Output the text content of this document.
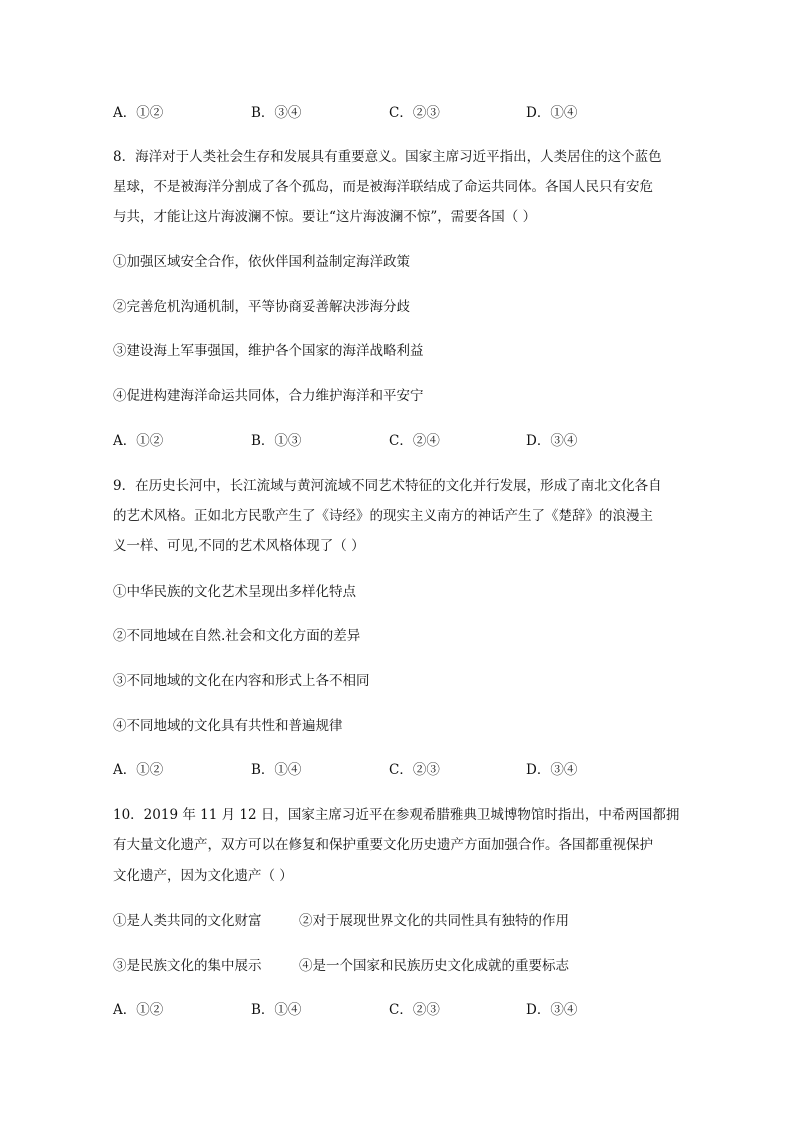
A．①②	B．③④	C．②③	D．①④
8．海洋对于人类社会生存和发展具有重要意义。国家主席习近平指出，人类居住的这个蓝色
星球，不是被海洋分割成了各个孤岛，而是被海洋联结成了命运共同体。各国人民只有安危
与共，才能让这片海波澜不惊。要让“这片海波澜不惊”，需要各国（ ）
①加强区域安全合作，依伙伴国利益制定海洋政策
②完善危机沟通机制，平等协商妥善解决涉海分歧
③建设海上军事强国，维护各个国家的海洋战略利益
④促进构建海洋命运共同体，合力维护海洋和平安宁
A．①②	B．①③	C．②④	D．③④
9．在历史长河中，长江流域与黄河流域不同艺术特征的文化并行发展，形成了南北文化各自
的艺术风格。正如北方民歌产生了《诗经》的现实主义南方的神话产生了《楚辞》的浪漫主
义一样、可见,不同的艺术风格体现了（ ）
①中华民族的文化艺术呈现出多样化特点
②不同地域在自然.社会和文化方面的差异
③不同地域的文化在内容和形式上各不相同
④不同地域的文化具有共性和普遍规律
A．①②	B．①④	C．②③	D．③④
10．2019 年 11 月 12 日，国家主席习近平在参观希腊雅典卫城博物馆时指出，中希两国都拥
有大量文化遗产，双方可以在修复和保护重要文化历史遗产方面加强合作。各国都重视保护
文化遗产，因为文化遗产（ ）
①是人类共同的文化财富	②对于展现世界文化的共同性具有独特的作用
③是民族文化的集中展示	④是一个国家和民族历史文化成就的重要标志
A．①②	B．①④	C．②③	D．③④
